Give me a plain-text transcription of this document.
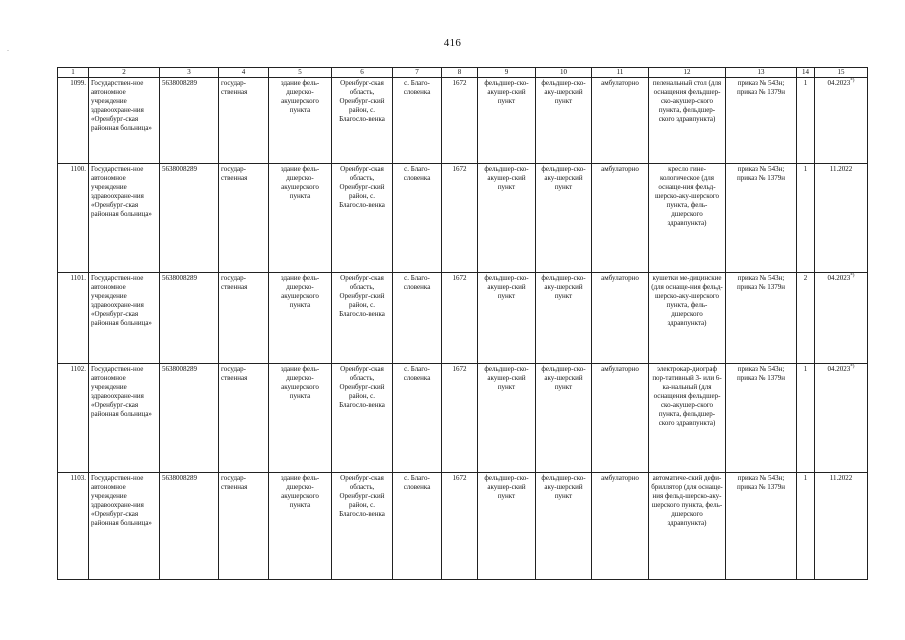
.	416
1	2	3	4	5	6	7	8	9	10	11	12	13	14	15
1099.	Государствен-ное автономное учреждение здравоохране-ния «Оренбург-ская районная больница»	5638008289	государ-ственная	здание фель-дшерско-акушерского пункта	Оренбург-ская область, Оренбург-ский район, с. Благосло-венка	с. Благо-словенка	1672	фельдшер-ско-акушер-ский пункт	фельдшер-ско-аку-шерский пункт	амбулаторно	пеленальный стол (для оснащения фельдшер-ско-акушер-ского пункта, фельдшер-ского здравпункта)	приказ № 543н; приказ № 1379н	1	04.2023*)
1100.	Государствен-ное автономное учреждение здравоохране-ния «Оренбург-ская районная больница»	5638008289	государ-ственная	здание фель-дшерско-акушерского пункта	Оренбург-ская область, Оренбург-ский район, с. Благосло-венка	с. Благо-словенка	1672	фельдшер-ско-акушер-ский пункт	фельдшер-ско-аку-шерский пункт	амбулаторно	кресло гине-кологическое (для оснаще-ния фельд-шерско-аку-шерского пункта, фель-дшерского здравпункта)	приказ № 543н; приказ № 1379н	1	11.2022
1101.	Государствен-ное автономное учреждение здравоохране-ния «Оренбург-ская районная больница»	5638008289	государ-ственная	здание фель-дшерско-акушерского пункта	Оренбург-ская область, Оренбург-ский район, с. Благосло-венка	с. Благо-словенка	1672	фельдшер-ско-акушер-ский пункт	фельдшер-ско-аку-шерский пункт	амбулаторно	кушетки ме-дицинские (для оснаще-ния фельд-шерско-аку-шерского пункта, фель-дшерского здравпункта)	приказ № 543н; приказ № 1379н	2	04.2023*)
1102.	Государствен-ное автономное учреждение здравоохране-ния «Оренбург-ская районная больница»	5638008289	государ-ственная	здание фель-дшерско-акушерского пункта	Оренбург-ская область, Оренбург-ский район, с. Благосло-венка	с. Благо-словенка	1672	фельдшер-ско-акушер-ский пункт	фельдшер-ско-аку-шерский пункт	амбулаторно	электрокар-диограф пор-тативный 3- или 6-ка-нальный (для оснащения фельдшер-ско-акушер-ского пункта, фельдшер-ского здравпункта)	приказ № 543н; приказ № 1379н	1	04.2023*)
1103.	Государствен-ное автономное учреждение здравоохране-ния «Оренбург-ская районная больница»	5638008289	государ-ственная	здание фель-дшерско-акушерского пункта	Оренбург-ская область, Оренбург-ский район, с. Благосло-венка	с. Благо-словенка	1672	фельдшер-ско-акушер-ский пункт	фельдшер-ско-аку-шерский пункт	амбулаторно	автоматиче-ский дефи-бриллятор (для оснаще-ния фельд-шерско-аку-шерского пункта, фель-дшерского здравпункта)	приказ № 543н; приказ № 1379н	1	11.2022
